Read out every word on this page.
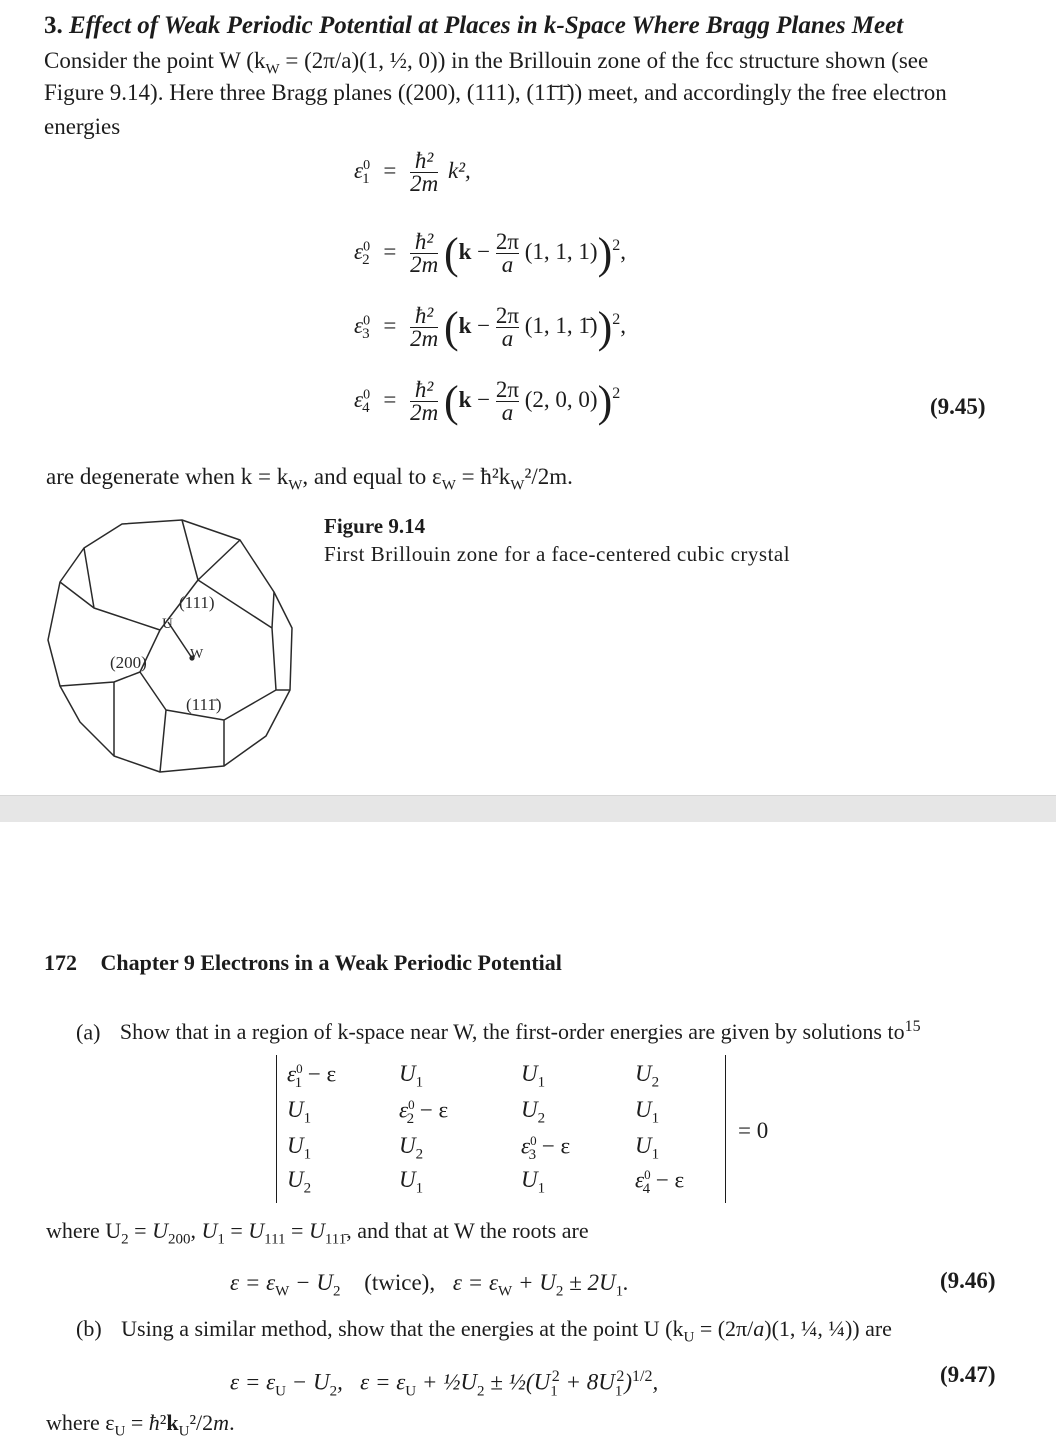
3. Effect of Weak Periodic Potential at Places in k-Space Where Bragg Planes Meet
Consider the point W ($k_W = (2\pi/a)(1$, ½, 0)) in the Brillouin zone of the fcc structure shown (see
Figure 9.14). Here three Bragg planes ((200), (111), (11̄1̄)) meet, and accordingly the free electron
energies
$\varepsilon^0_1 = \frac{\text{ħ²}}{2m} k^2$,
$\varepsilon^0_2 = \frac{\text{ħ²}}{2m} (k - \frac{2\pi}{a} (1$, 1, 1))$^2$,
$\varepsilon^0_3 = \frac{\text{ħ²}}{2m} (k - \frac{2\pi}{a} (1$, 1, 1̄))$^2$,
$\varepsilon^0_4 = \frac{\text{ħ²}}{2m} (k - \frac{2\pi}{a} (2$, 0, 0))$^2$
(9.45)
are degenerate when $k = k_W$, and equal to $\varepsilon_W$ = $ħ^2k_W^2/2m$.
Figure 9.14
First Brillouin zone for a face-centered cubic crystal
(111)
U
W
(200)
(111̄)
172 Chapter 9 Electrons in a Weak Periodic Potential
(a) Show that in a region of k-space near W, the first-order energies are given by solutions $to^{15}$
$\varepsilon^0_1 - \varepsilon$	$U_1$	$U_1$	$U_2$
$U_1$	$\varepsilon^0_2 - \varepsilon$	$U_2$	$U_1$
$U_1$	$U_2$	$\varepsilon^0_3 - \varepsilon$	$U_1$
$U_2$	$U_1$	$U_1$	$\varepsilon^0_4 - \varepsilon$
= 0
where $U_2 = U_{200}$, $U_1 = U_{111} = U_{111̄}$, and that at W the roots are
$\varepsilon = \varepsilon_W - U_2$ (twice), $\varepsilon = \varepsilon_W + U_2 \pm 2U_1$.	(9.46)
(b) Using a similar method, show that the energies at the point U ($k_U = (2\pi/a)(1$, ¼, ¼)) are
$\varepsilon = \varepsilon_U - U_2$,   $\varepsilon = \varepsilon_U$ + $\frac{1}{2}U_2$ ± $\frac{1}{2}(U_1^2 + 8U_1^2)^{1/2}$,	(9.47)
where $\varepsilon_U$ = $ħ^2k_U^2/2m$.
